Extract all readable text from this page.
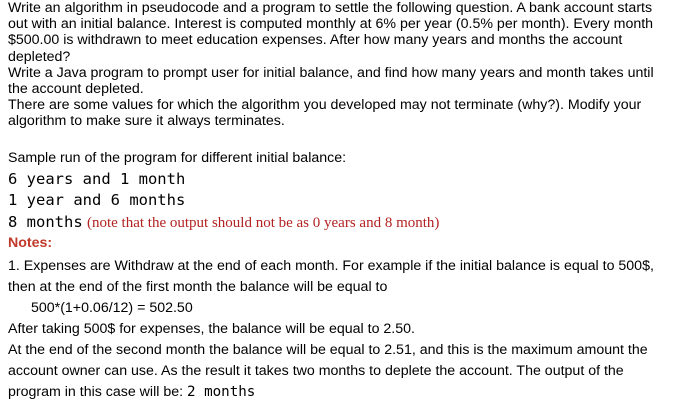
Write an algorithm in pseudocode and a program to settle the following question. A bank account starts out with an initial balance. Interest is computed monthly at 6% per year (0.5% per month). Every month $500.00 is withdrawn to meet education expenses. After how many years and months the account depleted?

Write a Java program to prompt user for initial balance, and find how many years and month takes until the account depleted.

There are some values for which the algorithm you developed may not terminate (why?). Modify your algorithm to make sure it always terminates.

Sample run of the program for different initial balance:
6 years and 1 month
1 year and 6 months
8 months (note that the output should not be as 0 years and 8 month)
Notes:

1. Expenses are Withdraw at the end of each month. For example if the initial balance is equal to 500$, then at the end of the first month the balance will be equal to

500*(1+0.06/12) = 502.50

After taking 500$ for expenses, the balance will be equal to 2.50.

At the end of the second month the balance will be equal to 2.51, and this is the maximum amount the account owner can use. As the result it takes two months to deplete the account. The output of the program in this case will be: 2 months
